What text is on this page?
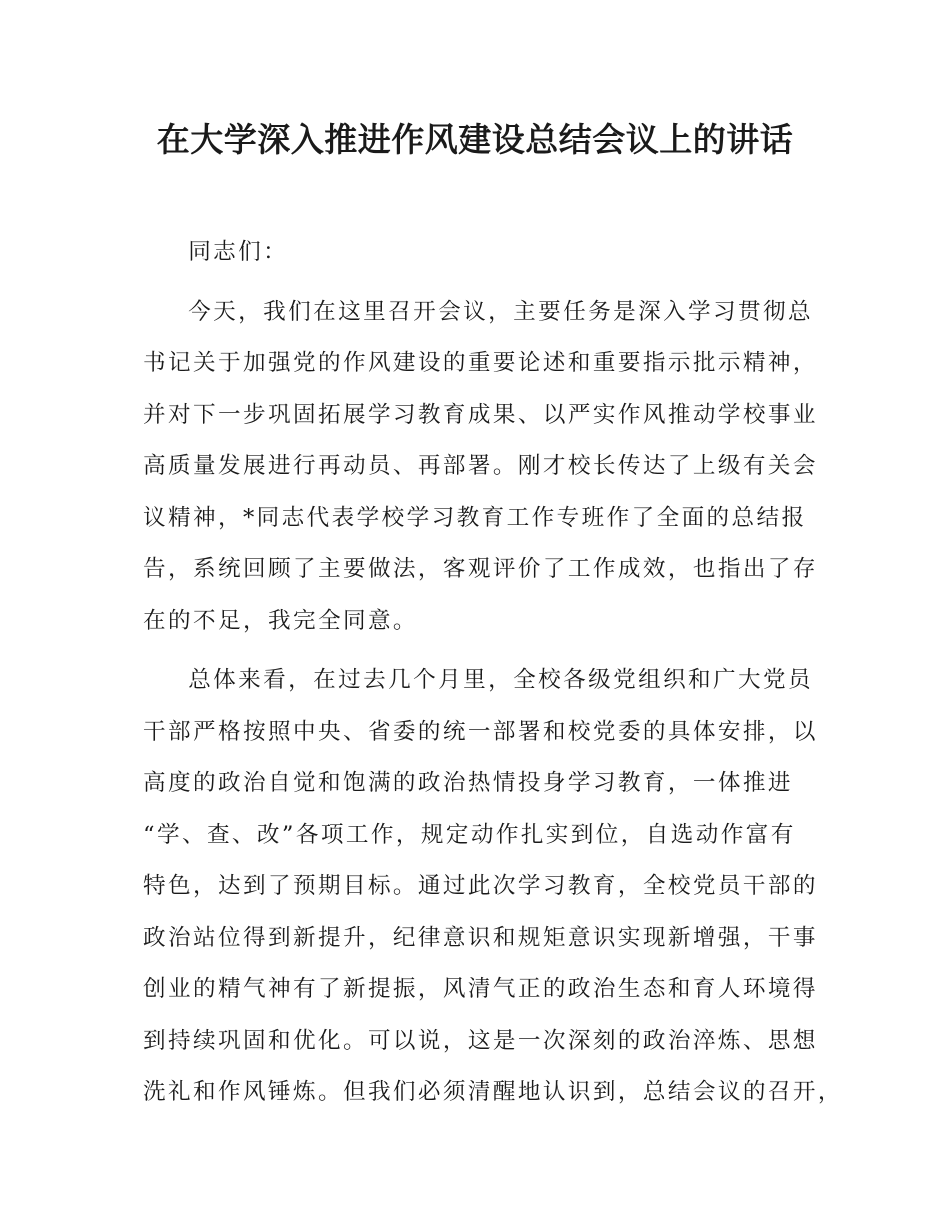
在大学深入推进作风建设总结会议上的讲话

同志们：

今天，我们在这里召开会议，主要任务是深入学习贯彻总
书记关于加强党的作风建设的重要论述和重要指示批示精神，
并对下一步巩固拓展学习教育成果、以严实作风推动学校事业
高质量发展进行再动员、再部署。刚才校长传达了上级有关会
议精神，*同志代表学校学习教育工作专班作了全面的总结报
告，系统回顾了主要做法，客观评价了工作成效，也指出了存
在的不足，我完全同意。

总体来看，在过去几个月里，全校各级党组织和广大党员
干部严格按照中央、省委的统一部署和校党委的具体安排，以
高度的政治自觉和饱满的政治热情投身学习教育，一体推进
“学、查、改”各项工作，规定动作扎实到位，自选动作富有
特色，达到了预期目标。通过此次学习教育，全校党员干部的
政治站位得到新提升，纪律意识和规矩意识实现新增强，干事
创业的精气神有了新提振，风清气正的政治生态和育人环境得
到持续巩固和优化。可以说，这是一次深刻的政治淬炼、思想
洗礼和作风锤炼。但我们必须清醒地认识到，总结会议的召开，
